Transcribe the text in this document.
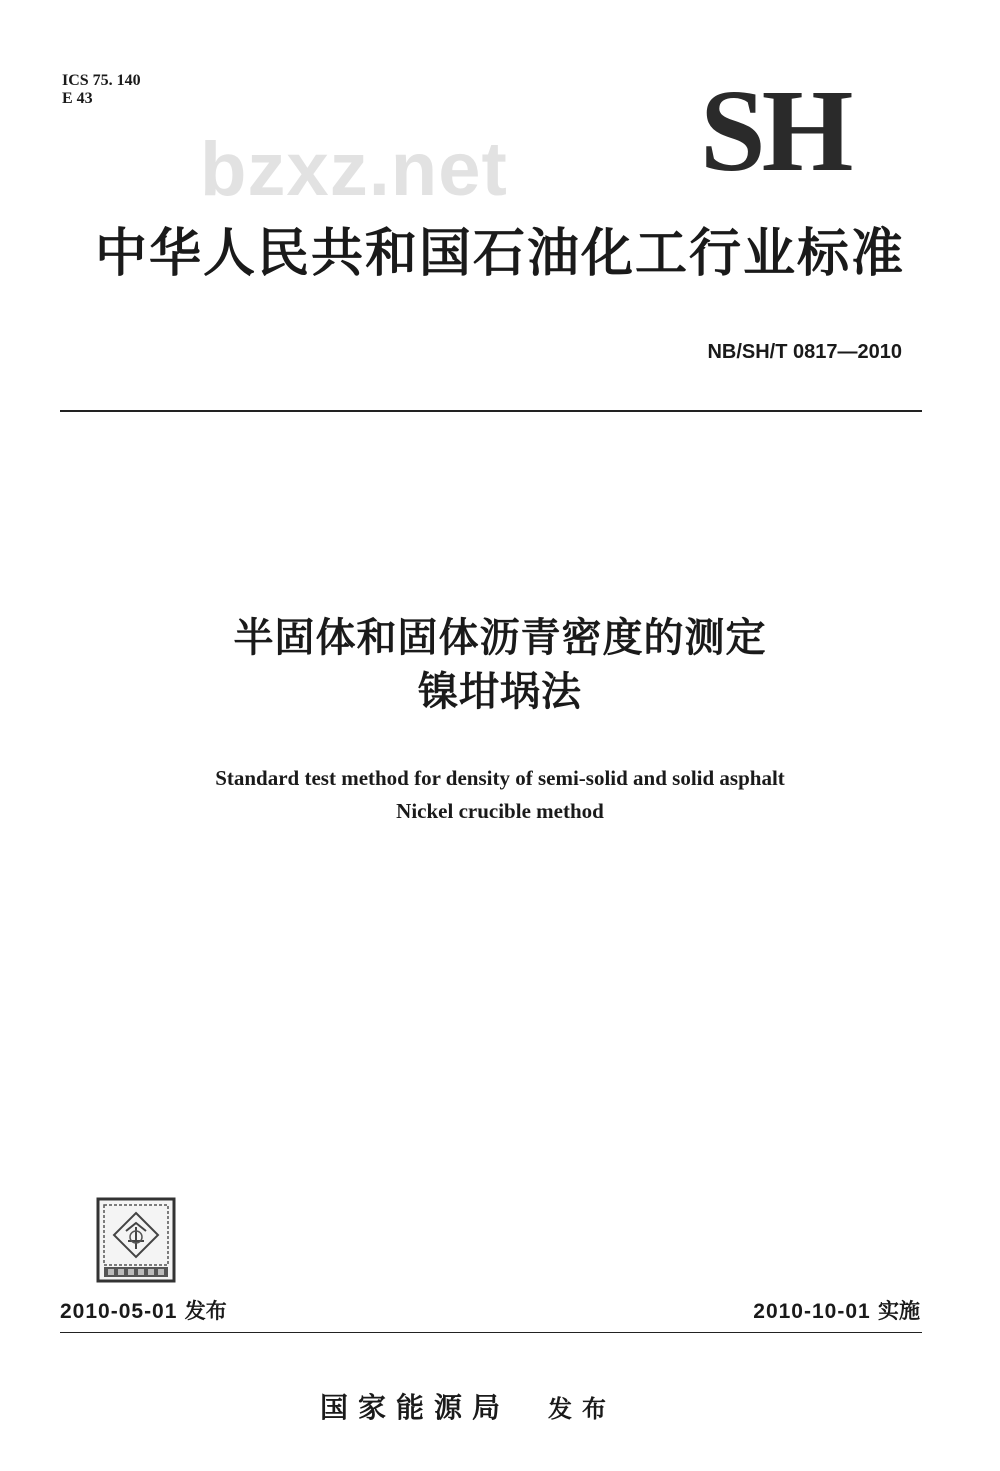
ICS 75. 140
E 43	SH
bzxz.net
中华人民共和国石油化工行业标准
NB/SH/T 0817—2010
半固体和固体沥青密度的测定
镍坩埚法
Standard test method for density of semi-solid and solid asphalt
Nickel crucible method
2010-05-01 发布	2010-10-01 实施
国家能源局 发布
